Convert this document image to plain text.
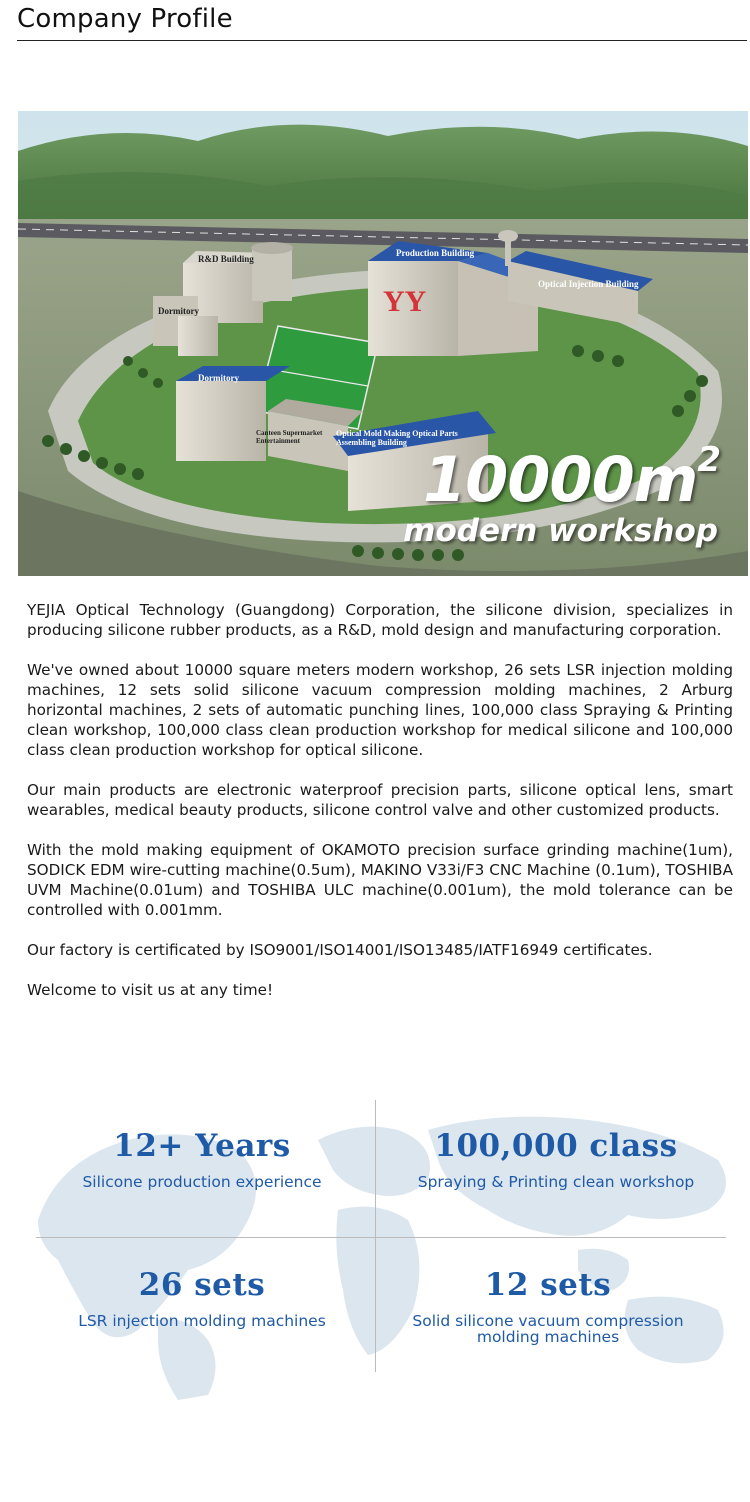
Company Profile
YY
R&D Building
Production Building
Optical Injection Building
Dormitory
Dormitory
Canteen Supermarket Entertainment
Optical Mold Making Optical Parts Assembling Building
$10000m^2$
modern workshop

YEJIA Optical Technology (Guangdong) Corporation, the silicone division, specializes in producing silicone rubber products, as a R&D, mold design and manufacturing corporation.

We've owned about 10000 square meters modern workshop, 26 sets LSR injection molding machines, 12 sets solid silicone vacuum compression molding machines, 2 Arburg horizontal machines, 2 sets of automatic punching lines, 100,000 class Spraying & Printing clean workshop, 100,000 class clean production workshop for medical silicone and 100,000 class clean production workshop for optical silicone.

Our main products are electronic waterproof precision parts, silicone optical lens, smart wearables, medical beauty products, silicone control valve and other customized products.

With the mold making equipment of OKAMOTO precision surface grinding machine(1um), SODICK EDM wire-cutting machine(0.5um), MAKINO V33i/F3 CNC Machine (0.1um), TOSHIBA UVM Machine(0.01um) and TOSHIBA ULC machine(0.001um), the mold tolerance can be controlled with 0.001mm.

Our factory is certificated by ISO9001/ISO14001/ISO13485/IATF16949 certificates.

Welcome to visit us at any time!

12+ Years
Silicone production experience
100,000 class
Spraying & Printing clean workshop
26 sets
LSR injection molding machines
12 sets
Solid silicone vacuum compression molding machines
